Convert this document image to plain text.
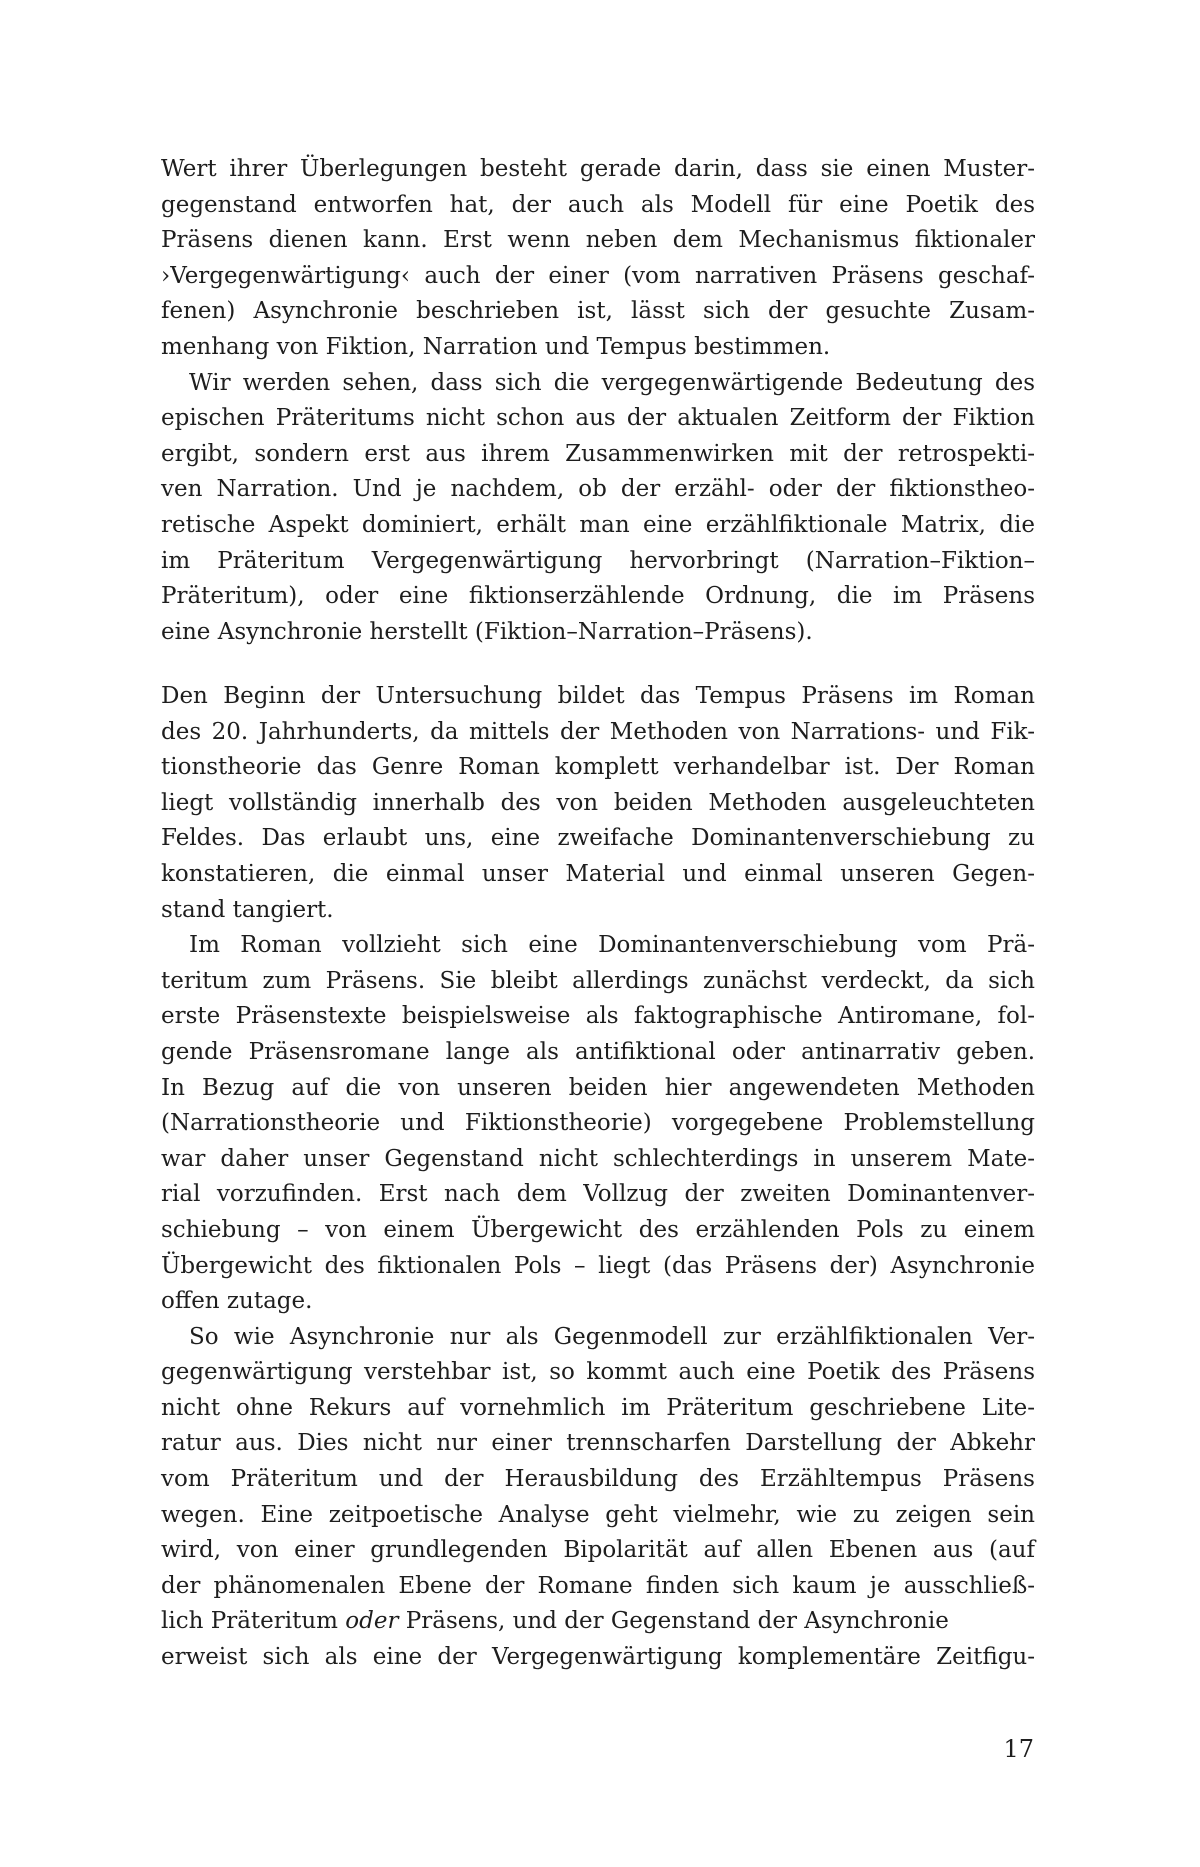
Wert ihrer Überlegungen besteht gerade darin, dass sie einen Muster-
gegenstand entworfen hat, der auch als Modell für eine Poetik des
Präsens dienen kann. Erst wenn neben dem Mechanismus fiktionaler
›Vergegenwärtigung‹ auch der einer (vom narrativen Präsens geschaf-
fenen) Asynchronie beschrieben ist, lässt sich der gesuchte Zusam-
menhang von Fiktion, Narration und Tempus bestimmen.
Wir werden sehen, dass sich die vergegenwärtigende Bedeutung des
epischen Präteritums nicht schon aus der aktualen Zeitform der Fiktion
ergibt, sondern erst aus ihrem Zusammenwirken mit der retrospekti-
ven Narration. Und je nachdem, ob der erzähl- oder der fiktionstheo-
retische Aspekt dominiert, erhält man eine erzählfiktionale Matrix, die
im Präteritum Vergegenwärtigung hervorbringt (Narration–Fiktion–
Präteritum), oder eine fiktionserzählende Ordnung, die im Präsens
eine Asynchronie herstellt (Fiktion–Narration–Präsens).
Den Beginn der Untersuchung bildet das Tempus Präsens im Roman
des 20. Jahrhunderts, da mittels der Methoden von Narrations- und Fik-
tionstheorie das Genre Roman komplett verhandelbar ist. Der Roman
liegt vollständig innerhalb des von beiden Methoden ausgeleuchteten
Feldes. Das erlaubt uns, eine zweifache Dominantenverschiebung zu
konstatieren, die einmal unser Material und einmal unseren Gegen-
stand tangiert.
Im Roman vollzieht sich eine Dominantenverschiebung vom Prä-
teritum zum Präsens. Sie bleibt allerdings zunächst verdeckt, da sich
erste Präsenstexte beispielsweise als faktographische Antiromane, fol-
gende Präsensromane lange als antifiktional oder antinarrativ geben.
In Bezug auf die von unseren beiden hier angewendeten Methoden
(Narrationstheorie und Fiktionstheorie) vorgegebene Problemstellung
war daher unser Gegenstand nicht schlechterdings in unserem Mate-
rial vorzufinden. Erst nach dem Vollzug der zweiten Dominantenver-
schiebung – von einem Übergewicht des erzählenden Pols zu einem
Übergewicht des fiktionalen Pols – liegt (das Präsens der) Asynchronie
offen zutage.
So wie Asynchronie nur als Gegenmodell zur erzählfiktionalen Ver-
gegenwärtigung verstehbar ist, so kommt auch eine Poetik des Präsens
nicht ohne Rekurs auf vornehmlich im Präteritum geschriebene Lite-
ratur aus. Dies nicht nur einer trennscharfen Darstellung der Abkehr
vom Präteritum und der Herausbildung des Erzähltempus Präsens
wegen. Eine zeitpoetische Analyse geht vielmehr, wie zu zeigen sein
wird, von einer grundlegenden Bipolarität auf allen Ebenen aus (auf
der phänomenalen Ebene der Romane finden sich kaum je ausschließ-
lich Präteritum oder Präsens, und der Gegenstand der Asynchronie
erweist sich als eine der Vergegenwärtigung komplementäre Zeitfigu-
17
